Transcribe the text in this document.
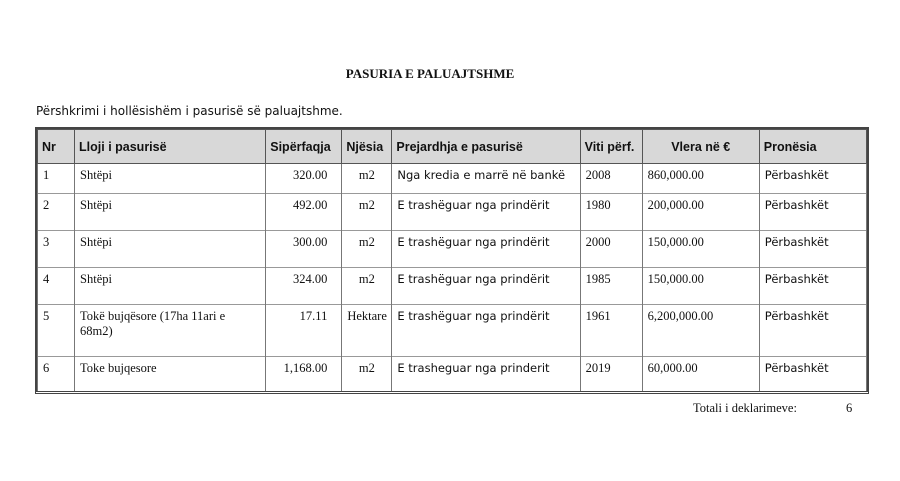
PASURIA E PALUAJTSHME
Përshkrimi i hollësishëm i pasurisë së paluajtshme.
Nr	Lloji i pasurisë	Sipërfaqja	Njësia	Prejardhja e pasurisë	Viti përf.	Vlera në €	Pronësia
1	Shtëpi	320.00	m2	Nga kredia e marrë në bankë	2008	860,000.00	Përbashkët
2	Shtëpi	492.00	m2	E trashëguar nga prindërit	1980	200,000.00	Përbashkët
3	Shtëpi	300.00	m2	E trashëguar nga prindërit	2000	150,000.00	Përbashkët
4	Shtëpi	324.00	m2	E trashëguar nga prindërit	1985	150,000.00	Përbashkët
5	Tokë bujqësore (17ha 11ari e 68m2)	17.11	Hektare	E trashëguar nga prindërit	1961	6,200,000.00	Përbashkët
6	Toke bujqesore	1,168.00	m2	E trasheguar nga prinderit	2019	60,000.00	Përbashkët
Totali i deklarimeve:	6
